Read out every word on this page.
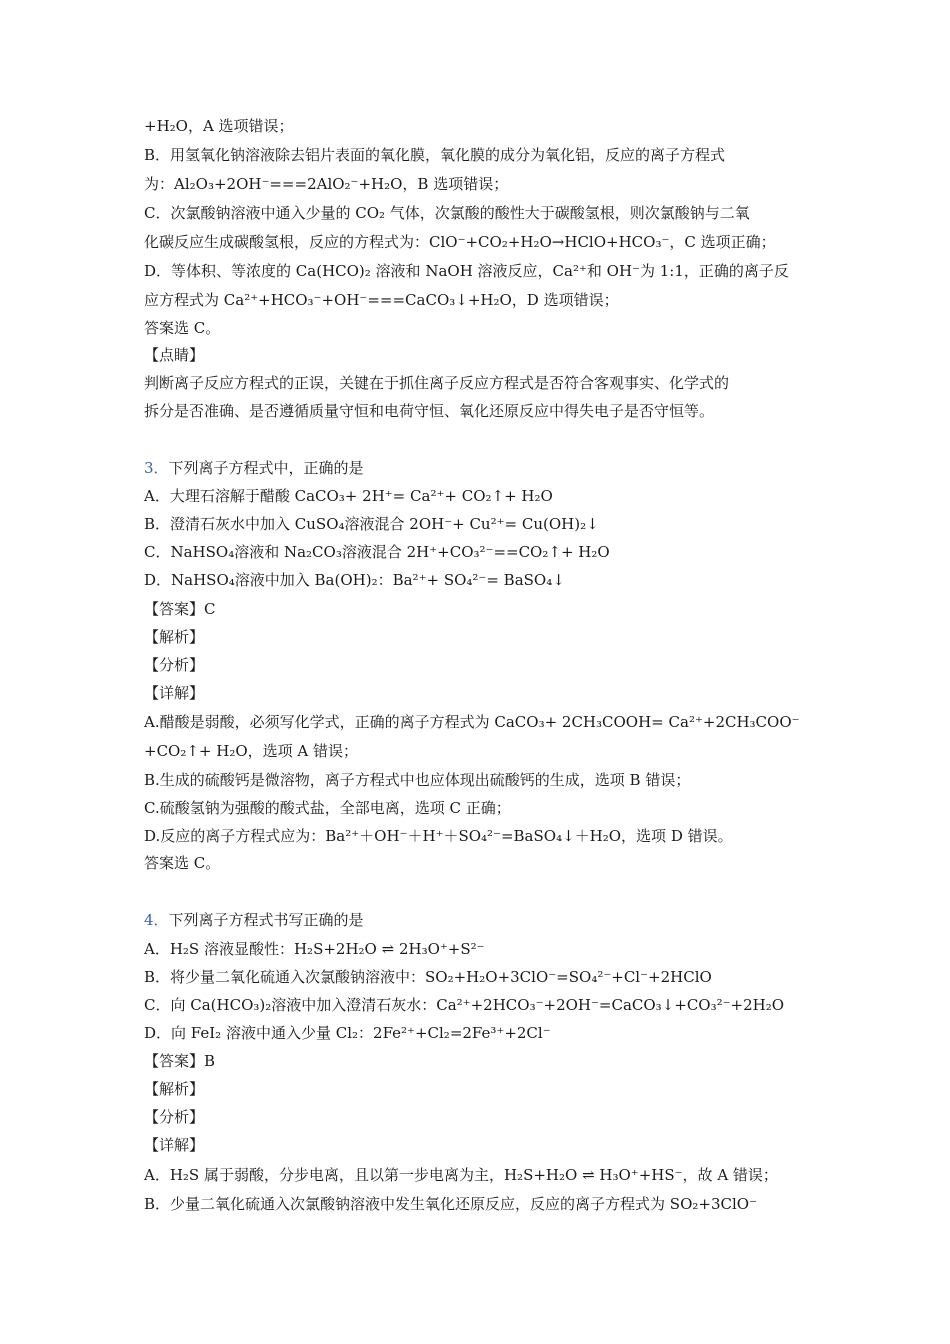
+H₂O，A 选项错误；
B．用氢氧化钠溶液除去铝片表面的氧化膜，氧化膜的成分为氧化铝，反应的离子方程式
为：Al₂O₃+2OH⁻===2AlO₂⁻+H₂O，B 选项错误；
C．次氯酸钠溶液中通入少量的 CO₂ 气体，次氯酸的酸性大于碳酸氢根，则次氯酸钠与二氧
化碳反应生成碳酸氢根，反应的方程式为：ClO⁻+CO₂+H₂O→HClO+HCO₃⁻，C 选项正确；
D．等体积、等浓度的 Ca(HCO)₂ 溶液和 NaOH 溶液反应，Ca²⁺和 OH⁻为 1:1，正确的离子反
应方程式为 Ca²⁺+HCO₃⁻+OH⁻===CaCO₃↓+H₂O，D 选项错误；
答案选 C。
【点睛】
判断离子反应方程式的正误，关键在于抓住离子反应方程式是否符合客观事实、化学式的
拆分是否准确、是否遵循质量守恒和电荷守恒、氧化还原反应中得失电子是否守恒等。
3．下列离子方程式中，正确的是
A．大理石溶解于醋酸 CaCO₃+ 2H⁺= Ca²⁺+ CO₂↑+ H₂O
B．澄清石灰水中加入 CuSO₄溶液混合 2OH⁻+ Cu²⁺= Cu(OH)₂↓
C．NaHSO₄溶液和 Na₂CO₃溶液混合 2H⁺+CO₃²⁻==CO₂↑+ H₂O
D．NaHSO₄溶液中加入 Ba(OH)₂：Ba²⁺+ SO₄²⁻= BaSO₄↓
【答案】C
【解析】
【分析】
【详解】
A.醋酸是弱酸，必须写化学式，正确的离子方程式为 CaCO₃+ 2CH₃COOH= Ca²⁺+2CH₃COO⁻
+CO₂↑+ H₂O，选项 A 错误；
B.生成的硫酸钙是微溶物，离子方程式中也应体现出硫酸钙的生成，选项 B 错误；
C.硫酸氢钠为强酸的酸式盐，全部电离，选项 C 正确；
D.反应的离子方程式应为：Ba²⁺＋OH⁻＋H⁺＋SO₄²⁻=BaSO₄↓＋H₂O，选项 D 错误。
答案选 C。
4．下列离子方程式书写正确的是
A．H₂S 溶液显酸性：H₂S+2H₂O ⇌ 2H₃O⁺+S²⁻
B．将少量二氧化硫通入次氯酸钠溶液中：SO₂+H₂O+3ClO⁻=SO₄²⁻+Cl⁻+2HClO
C．向 Ca(HCO₃)₂溶液中加入澄清石灰水：Ca²⁺+2HCO₃⁻+2OH⁻=CaCO₃↓+CO₃²⁻+2H₂O
D．向 FeI₂ 溶液中通入少量 Cl₂：2Fe²⁺+Cl₂=2Fe³⁺+2Cl⁻
【答案】B
【解析】
【分析】
【详解】
A．H₂S 属于弱酸，分步电离，且以第一步电离为主，H₂S+H₂O ⇌ H₃O⁺+HS⁻，故 A 错误；
B．少量二氧化硫通入次氯酸钠溶液中发生氧化还原反应，反应的离子方程式为 SO₂+3ClO⁻
